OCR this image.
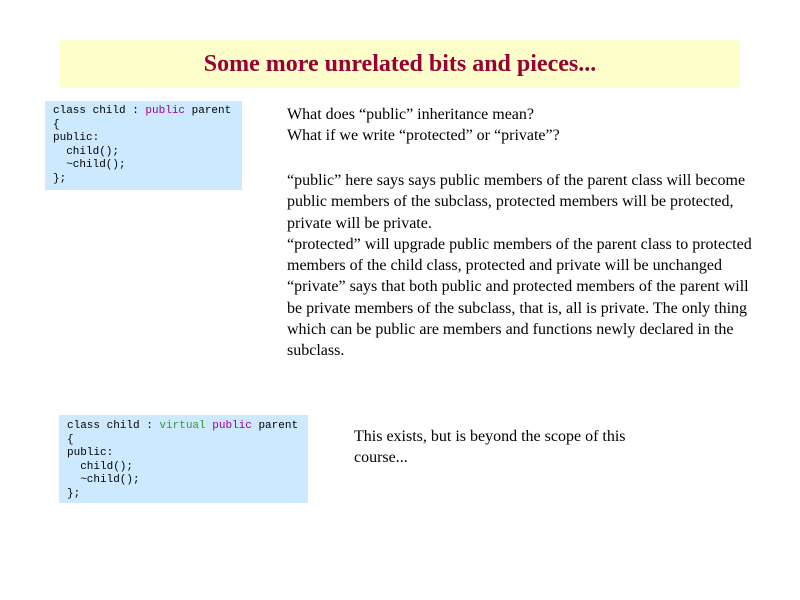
Some more unrelated bits and pieces...
class child : public parent
{
public:
child();
~child();
};
What does “public” inheritance mean?
What if we write “protected” or “private”?
“public” here says says public members of the parent class will become public members of the subclass, protected members will be protected, private will be private.
“protected” will upgrade public members of the parent class to protected members of the child class, protected and private will be unchanged
“private” says that both public and protected members of the parent will be private members of the subclass, that is, all is private. The only thing which can be public are members and functions newly declared in the subclass.
class child : virtual public parent
{
public:
child();
~child();
};
This exists, but is beyond the scope of this course...
